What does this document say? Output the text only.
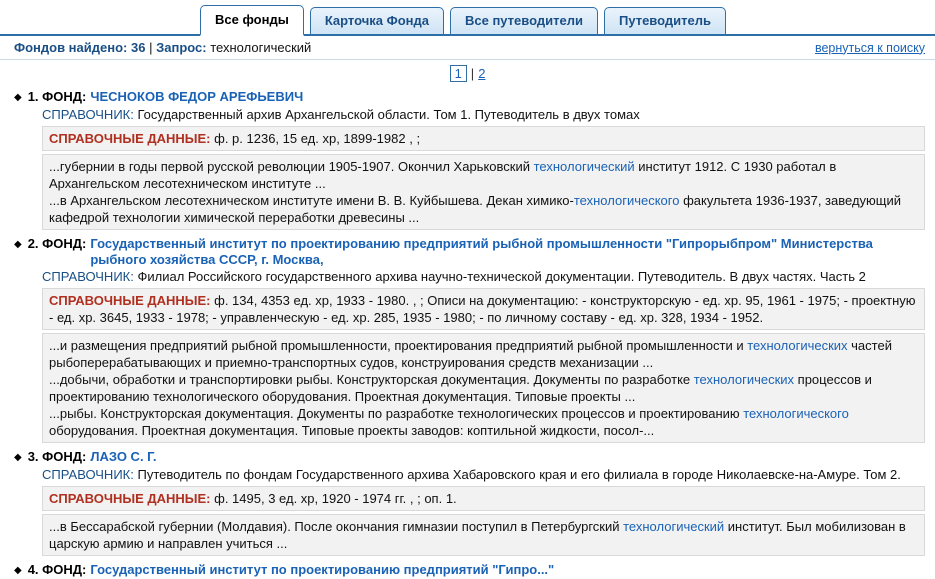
Все фонды	Карточка Фонда	Все путеводители	Путеводитель
Фондов найдено: 36 | Запрос: технологический	вернуться к поиску
1 | 2
◆ 1. ФОНД: ЧЕСНОКОВ ФЕДОР АРЕФЬЕВИЧ
СПРАВОЧНИК: Государственный архив Архангельской области. Том 1. Путеводитель в двух томах
СПРАВОЧНЫЕ ДАННЫЕ: ф. р. 1236, 15 ед. хр, 1899-1982 , ;

...губернии в годы первой русской революции 1905-1907. Окончил Харьковский технологический институт 1912. С 1930 работал в Архангельском лесотехническом институте ...

...в Архангельском лесотехническом институте имени В. В. Куйбышева. Декан химико-технологического факультета 1936-1937, заведующий кафедрой технологии химической переработки древесины ...

◆ 2. ФОНД: Государственный институт по проектированию предприятий рыбной промышленности "Гипрорыбпром" Министерства рыбного хозяйства СССР, г. Москва,
СПРАВОЧНИК: Филиал Российского государственного архива научно-технической документации. Путеводитель. В двух частях. Часть 2
СПРАВОЧНЫЕ ДАННЫЕ: ф. 134, 4353 ед. хр, 1933 - 1980. , ; Описи на документацию: - конструкторскую - ед. хр. 95, 1961 - 1975; - проектную - ед. хр. 3645, 1933 - 1978; - управленческую - ед. хр. 285, 1935 - 1980; - по личному составу - ед. хр. 328, 1934 - 1952.

...и размещения предприятий рыбной промышленности, проектирования предприятий рыбной промышленности и технологических частей рыбоперерабатывающих и приемно-транспортных судов, конструирования средств механизации ...

...добычи, обработки и транспортировки рыбы. Конструкторская документация. Документы по разработке технологических процессов и проектированию технологического оборудования. Проектная документация. Типовые проекты ...

...рыбы. Конструкторская документация. Документы по разработке технологических процессов и проектированию технологического оборудования. Проектная документация. Типовые проекты заводов: коптильной жидкости, посол-...

◆ 3. ФОНД: ЛАЗО С. Г.
СПРАВОЧНИК: Путеводитель по фондам Государственного архива Хабаровского края и его филиала в городе Николаевске-на-Амуре. Том 2.
СПРАВОЧНЫЕ ДАННЫЕ: ф. 1495, 3 ед. хр, 1920 - 1974 гг. , ; оп. 1.

...в Бессарабской губернии (Молдавия). После окончания гимназии поступил в Петербургский технологический институт. Был мобилизован в царскую армию и направлен учиться ...

◆ 4. ФОНД: Государственный институт по проектированию предприятий "Гипро..."
